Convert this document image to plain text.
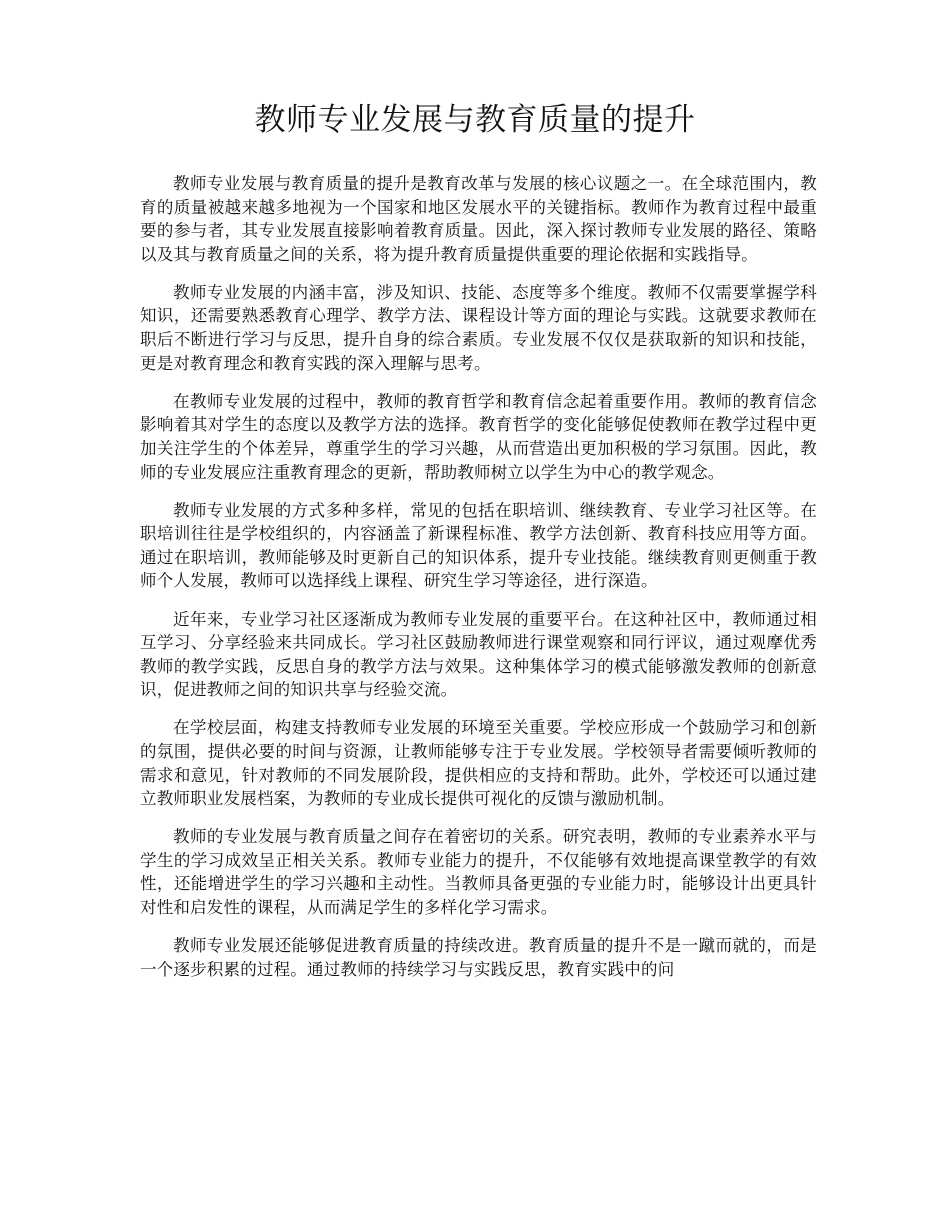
教师专业发展与教育质量的提升

教师专业发展与教育质量的提升是教育改革与发展的核心议题之一。在全球范围内，教育的质量被越来越多地视为一个国家和地区发展水平的关键指标。教师作为教育过程中最重要的参与者，其专业发展直接影响着教育质量。因此，深入探讨教师专业发展的路径、策略以及其与教育质量之间的关系，将为提升教育质量提供重要的理论依据和实践指导。

教师专业发展的内涵丰富，涉及知识、技能、态度等多个维度。教师不仅需要掌握学科知识，还需要熟悉教育心理学、教学方法、课程设计等方面的理论与实践。这就要求教师在职后不断进行学习与反思，提升自身的综合素质。专业发展不仅仅是获取新的知识和技能，更是对教育理念和教育实践的深入理解与思考。

在教师专业发展的过程中，教师的教育哲学和教育信念起着重要作用。教师的教育信念影响着其对学生的态度以及教学方法的选择。教育哲学的变化能够促使教师在教学过程中更加关注学生的个体差异，尊重学生的学习兴趣，从而营造出更加积极的学习氛围。因此，教师的专业发展应注重教育理念的更新，帮助教师树立以学生为中心的教学观念。

教师专业发展的方式多种多样，常见的包括在职培训、继续教育、专业学习社区等。在职培训往往是学校组织的，内容涵盖了新课程标准、教学方法创新、教育科技应用等方面。通过在职培训，教师能够及时更新自己的知识体系，提升专业技能。继续教育则更侧重于教师个人发展，教师可以选择线上课程、研究生学习等途径，进行深造。

近年来，专业学习社区逐渐成为教师专业发展的重要平台。在这种社区中，教师通过相互学习、分享经验来共同成长。学习社区鼓励教师进行课堂观察和同行评议，通过观摩优秀教师的教学实践，反思自身的教学方法与效果。这种集体学习的模式能够激发教师的创新意识，促进教师之间的知识共享与经验交流。

在学校层面，构建支持教师专业发展的环境至关重要。学校应形成一个鼓励学习和创新的氛围，提供必要的时间与资源，让教师能够专注于专业发展。学校领导者需要倾听教师的需求和意见，针对教师的不同发展阶段，提供相应的支持和帮助。此外，学校还可以通过建立教师职业发展档案，为教师的专业成长提供可视化的反馈与激励机制。

教师的专业发展与教育质量之间存在着密切的关系。研究表明，教师的专业素养水平与学生的学习成效呈正相关关系。教师专业能力的提升，不仅能够有效地提高课堂教学的有效性，还能增进学生的学习兴趣和主动性。当教师具备更强的专业能力时，能够设计出更具针对性和启发性的课程，从而满足学生的多样化学习需求。

教师专业发展还能够促进教育质量的持续改进。教育质量的提升不是一蹴而就的，而是一个逐步积累的过程。通过教师的持续学习与实践反思，教育实践中的问
